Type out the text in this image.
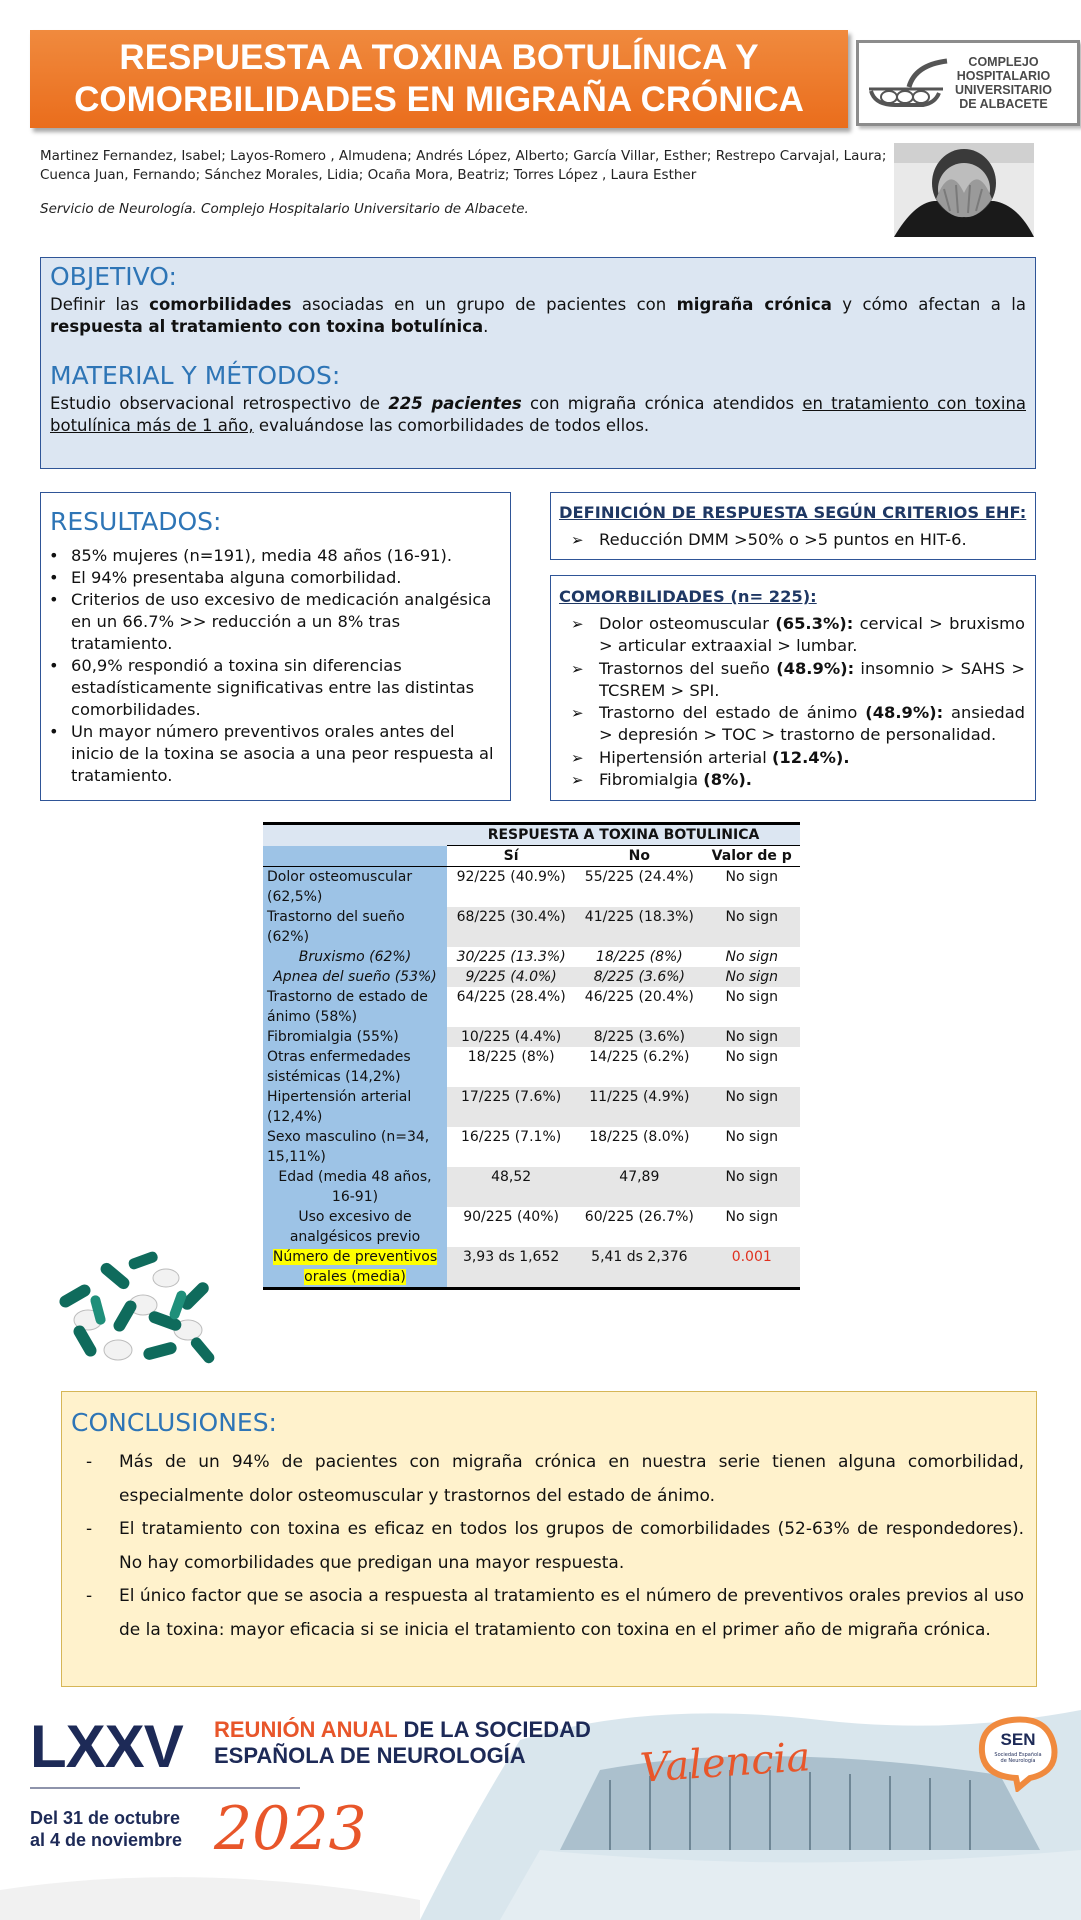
RESPUESTA A TOXINA BOTULÍNICA Y
COMORBILIDADES EN MIGRAÑA CRÓNICA
COMPLEJO
HOSPITALARIO
UNIVERSITARIO
DE ALBACETE
Martinez Fernandez, Isabel; Layos-Romero , Almudena; Andrés López, Alberto; García Villar, Esther; Restrepo Carvajal, Laura; Cuenca Juan, Fernando; Sánchez Morales, Lidia; Ocaña Mora, Beatriz; Torres López , Laura Esther
Servicio de Neurología. Complejo Hospitalario Universitario de Albacete.
OBJETIVO:
Definir las comorbilidades asociadas en un grupo de pacientes con migraña crónica y cómo afectan a la respuesta al tratamiento con toxina botulínica.
MATERIAL Y MÉTODOS:
Estudio observacional retrospectivo de 225 pacientes con migraña crónica atendidos en tratamiento con toxina botulínica más de 1 año, evaluándose las comorbilidades de todos ellos.
RESULTADOS:
• 85% mujeres (n=191), media 48 años (16-91).
• El 94% presentaba alguna comorbilidad.
• Criterios de uso excesivo de medicación analgésica en un 66.7% >> reducción a un 8% tras tratamiento.
• 60,9% respondió a toxina sin diferencias estadísticamente significativas entre las distintas comorbilidades.
• Un mayor número preventivos orales antes del inicio de la toxina se asocia a una peor respuesta al tratamiento.
DEFINICIÓN DE RESPUESTA SEGÚN CRITERIOS EHF:
➢ Reducción DMM >50% o >5 puntos en HIT-6.
COMORBILIDADES (n= 225):
➢ Dolor osteomuscular (65.3%): cervical > bruxismo > articular extraaxial > lumbar.
➢ Trastornos del sueño (48.9%): insomnio > SAHS > TCSREM > SPI.
➢ Trastorno del estado de ánimo (48.9%): ansiedad > depresión > TOC > trastorno de personalidad.
➢ Hipertensión arterial (12.4%).
➢ Fibromialgia (8%).
	RESPUESTA A TOXINA BOTULINICA		
	Sí	No	Valor de p
Dolor osteomuscular (62,5%)	92/225 (40.9%)	55/225 (24.4%)	No sign
Trastorno del sueño (62%)	68/225 (30.4%)	41/225 (18.3%)	No sign
Bruxismo (62%)	30/225 (13.3%)	18/225 (8%)	No sign
Apnea del sueño (53%)	9/225 (4.0%)	8/225 (3.6%)	No sign
Trastorno de estado de ánimo (58%)	64/225 (28.4%)	46/225 (20.4%)	No sign
Fibromialgia (55%)	10/225 (4.4%)	8/225 (3.6%)	No sign
Otras enfermedades sistémicas (14,2%)	18/225 (8%)	14/225 (6.2%)	No sign
Hipertensión arterial (12,4%)	17/225 (7.6%)	11/225 (4.9%)	No sign
Sexo masculino (n=34, 15,11%)	16/225 (7.1%)	18/225 (8.0%)	No sign
Edad (media 48 años, 16-91)	48,52	47,89	No sign
Uso excesivo de analgésicos previo	90/225 (40%)	60/225 (26.7%)	No sign
Número de preventivos orales (media)	3,93 ds 1,652	5,41 ds 2,376	0.001
CONCLUSIONES:
- Más de un 94% de pacientes con migraña crónica en nuestra serie tienen alguna comorbilidad, especialmente dolor osteomuscular y trastornos del estado de ánimo.
- El tratamiento con toxina es eficaz en todos los grupos de comorbilidades (52-63% de respondedores). No hay comorbilidades que predigan una mayor respuesta.
- El único factor que se asocia a respuesta al tratamiento es el número de preventivos orales previos al uso de la toxina: mayor eficacia si se inicia el tratamiento con toxina en el primer año de migraña crónica.
LXXV REUNIÓN ANUAL DE LA SOCIEDAD
ESPAÑOLA DE NEUROLOGÍA
Del 31 de octubre
al 4 de noviembre 2023
Valencia	SEN
Sociedad Española
de Neurología
